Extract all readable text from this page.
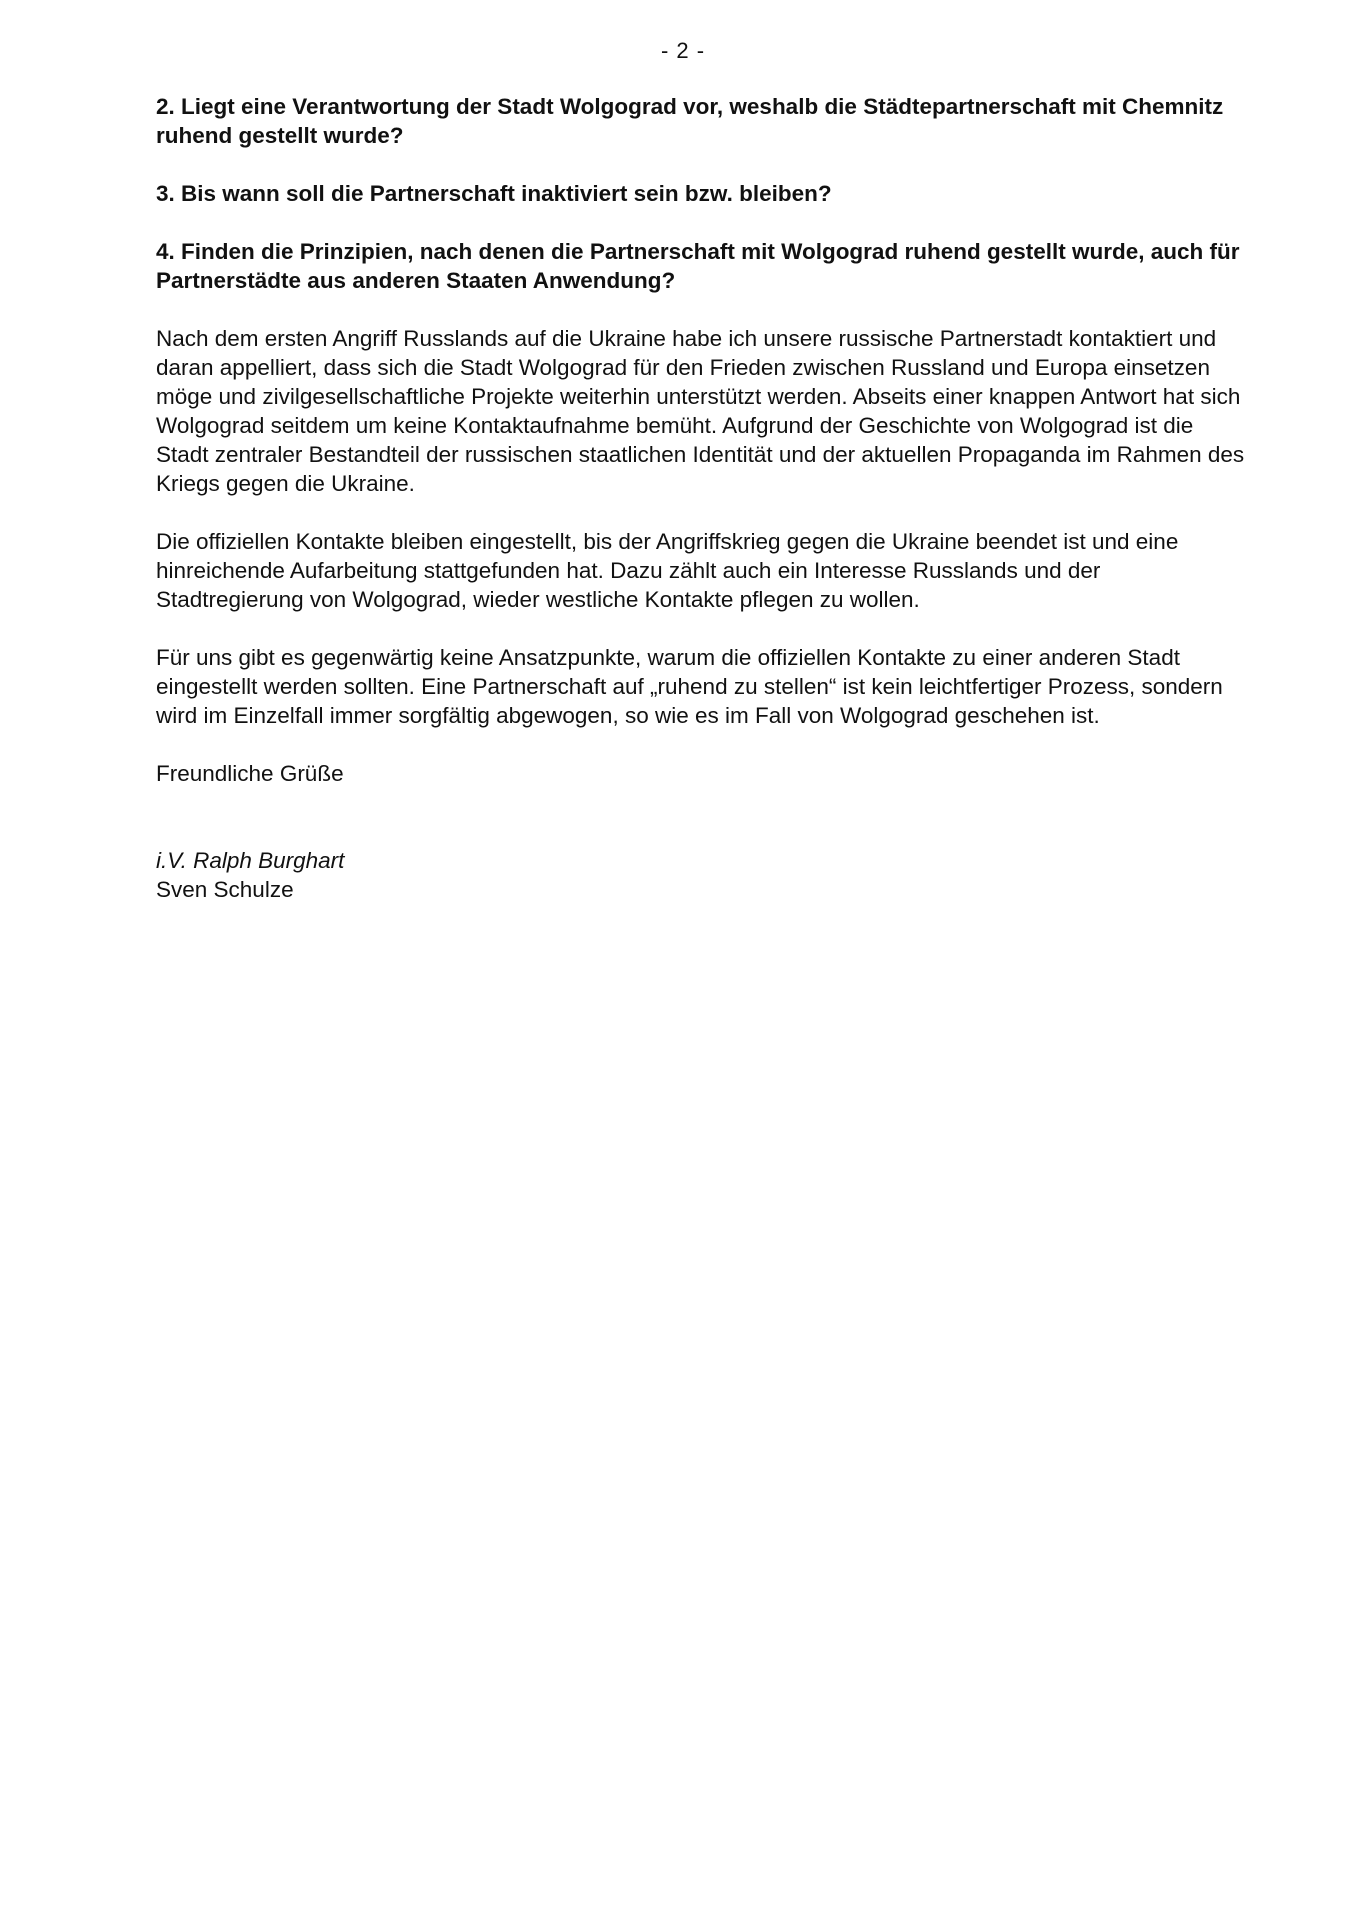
- 2 -

2. Liegt eine Verantwortung der Stadt Wolgograd vor, weshalb die Städtepartnerschaft mit Chemnitz ruhend gestellt wurde?

3. Bis wann soll die Partnerschaft inaktiviert sein bzw. bleiben?

4. Finden die Prinzipien, nach denen die Partnerschaft mit Wolgograd ruhend gestellt wurde, auch für Partnerstädte aus anderen Staaten Anwendung?

Nach dem ersten Angriff Russlands auf die Ukraine habe ich unsere russische Partnerstadt kontaktiert und daran appelliert, dass sich die Stadt Wolgograd für den Frieden zwischen Russland und Europa einsetzen möge und zivilgesellschaftliche Projekte weiterhin unterstützt werden. Abseits einer knappen Antwort hat sich Wolgograd seitdem um keine Kontaktaufnahme bemüht. Aufgrund der Geschichte von Wolgograd ist die Stadt zentraler Bestandteil der russischen staatlichen Identität und der aktuellen Propaganda im Rahmen des Kriegs gegen die Ukraine.

Die offiziellen Kontakte bleiben eingestellt, bis der Angriffskrieg gegen die Ukraine beendet ist und eine hinreichende Aufarbeitung stattgefunden hat. Dazu zählt auch ein Interesse Russlands und der Stadtregierung von Wolgograd, wieder westliche Kontakte pflegen zu wollen.

Für uns gibt es gegenwärtig keine Ansatzpunkte, warum die offiziellen Kontakte zu einer anderen Stadt eingestellt werden sollten. Eine Partnerschaft auf „ruhend zu stellen“ ist kein leichtfertiger Prozess, sondern wird im Einzelfall immer sorgfältig abgewogen, so wie es im Fall von Wolgograd geschehen ist.

Freundliche Grüße

i.V. Ralph Burghart

Sven Schulze
